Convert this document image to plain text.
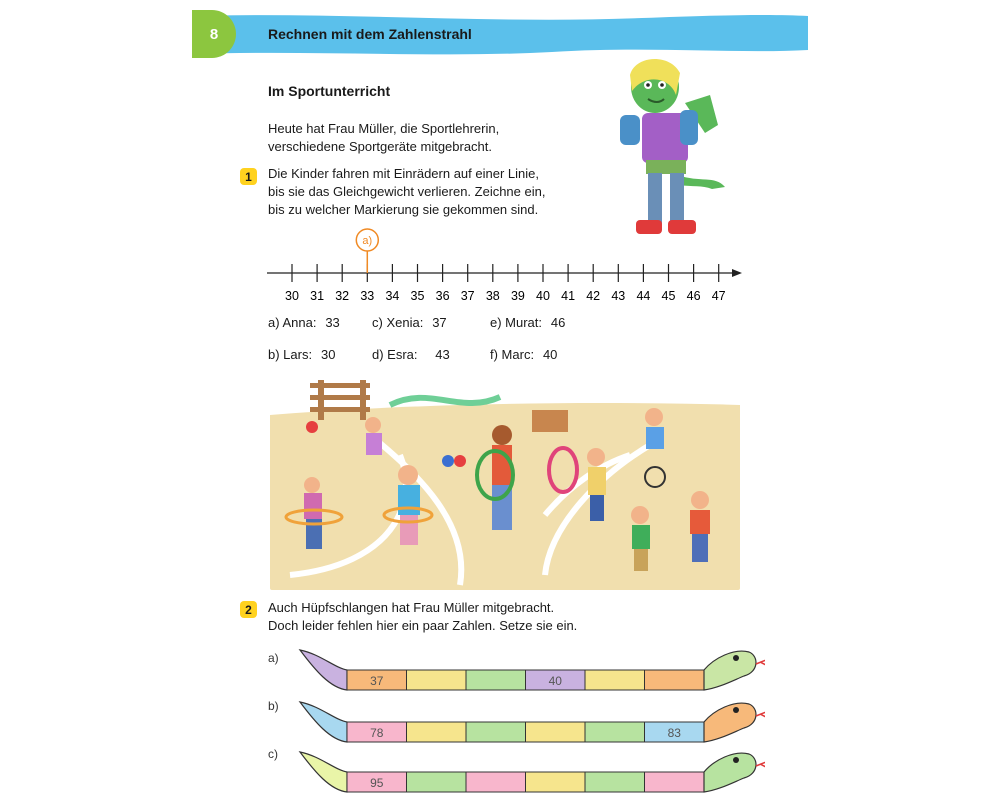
8	Rechnen mit dem Zahlenstrahl
Im Sportunterricht
Heute hat Frau Müller, die Sportlehrerin,
verschiedene Sportgeräte mitgebracht.
1	Die Kinder fahren mit Einrädern auf einer Linie,
bis sie das Gleichgewicht verlieren. Zeichne ein,
bis zu welcher Markierung sie gekommen sind.
30 31 32 33 34 35 36 37 38 39 40 41 42 43 44 45 46 47
a)
a) Anna: 33 c) Xenia: 37	e) Murat: 46
b) Lars: 30	d) Esra: 43	f) Marc: 40
2	Auch Hüpfschlangen hat Frau Müller mitgebracht.
Doch leider fehlen hier ein paar Zahlen. Setze sie ein.
a)
b)
c)
37	40
78	83
95
